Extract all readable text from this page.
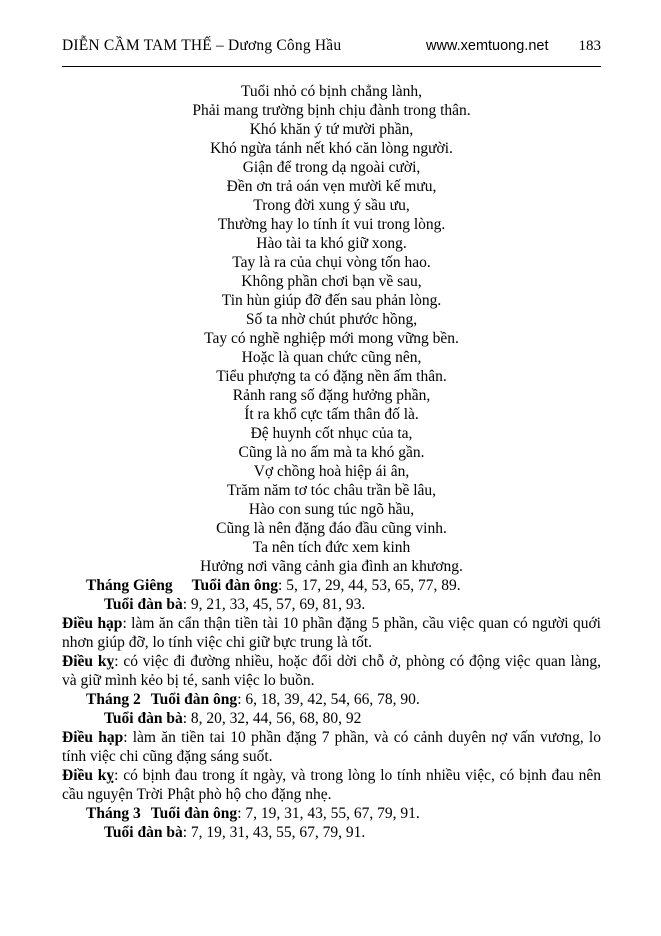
DIỄN CẦM TAM THẾ – Dương Công Hầu	www.xemtuong.net 183
Tuổi nhỏ có bịnh chẳng lành,
Phải mang trường bịnh chịu đành trong thân.
Khó khăn ý tứ mười phần,
Khó ngừa tánh nết khó căn lòng người.
Giận để trong dạ ngoài cười,
Đền ơn trả oán vẹn mười kế mưu,
Trong đời xung ý sầu ưu,
Thường hay lo tính ít vui trong lòng.
Hào tài ta khó giữ xong.
Tay là ra của chụi vòng tốn hao.
Không phần chơi bạn về sau,
Tin hùn giúp đỡ đến sau phản lòng.
Số ta nhờ chút phước hồng,
Tay có nghề nghiệp mới mong vững bền.
Hoặc là quan chức cũng nên,
Tiểu phượng ta có đặng nền ấm thân.
Rảnh rang số đặng hưởng phần,
Ít ra khổ cực tấm thân đố là.
Đệ huynh cốt nhục của ta,
Cũng là no ấm mà ta khó gần.
Vợ chồng hoà hiệp ái ân,
Trăm năm tơ tóc châu trần bề lâu,
Hào con sung túc ngõ hầu,
Cũng là nên đặng đáo đầu cũng vinh.
Ta nên tích đức xem kinh
Hưởng nơi vãng cảnh gia đình an khương.

Tháng Giêng Tuổi đàn ông: 5, 17, 29, 44, 53, 65, 77, 89.

Tuổi đàn bà: 9, 21, 33, 45, 57, 69, 81, 93.

Điều hạp: làm ăn cẩn thận tiền tài 10 phần đặng 5 phần, cầu việc quan có người quới nhơn giúp đỡ, lo tính việc chi giữ bực trung là tốt.

Điều kỵ: có việc đi đường nhiều, hoặc đổi dời chỗ ở, phòng có động việc quan làng, và giữ mình kẻo bị té, sanh việc lo buồn.

Tháng 2 Tuổi đàn ông: 6, 18, 39, 42, 54, 66, 78, 90.

Tuổi đàn bà: 8, 20, 32, 44, 56, 68, 80, 92

Điều hạp: làm ăn tiền tai 10 phần đặng 7 phần, và có cảnh duyên nợ vấn vương, lo tính việc chi cũng đặng sáng suốt.

Điều kỵ: có bịnh đau trong ít ngày, và trong lòng lo tính nhiều việc, có bịnh đau nên cầu nguyện Trời Phật phò hộ cho đặng nhẹ.

Tháng 3 Tuổi đàn ông: 7, 19, 31, 43, 55, 67, 79, 91.

Tuổi đàn bà: 7, 19, 31, 43, 55, 67, 79, 91.
